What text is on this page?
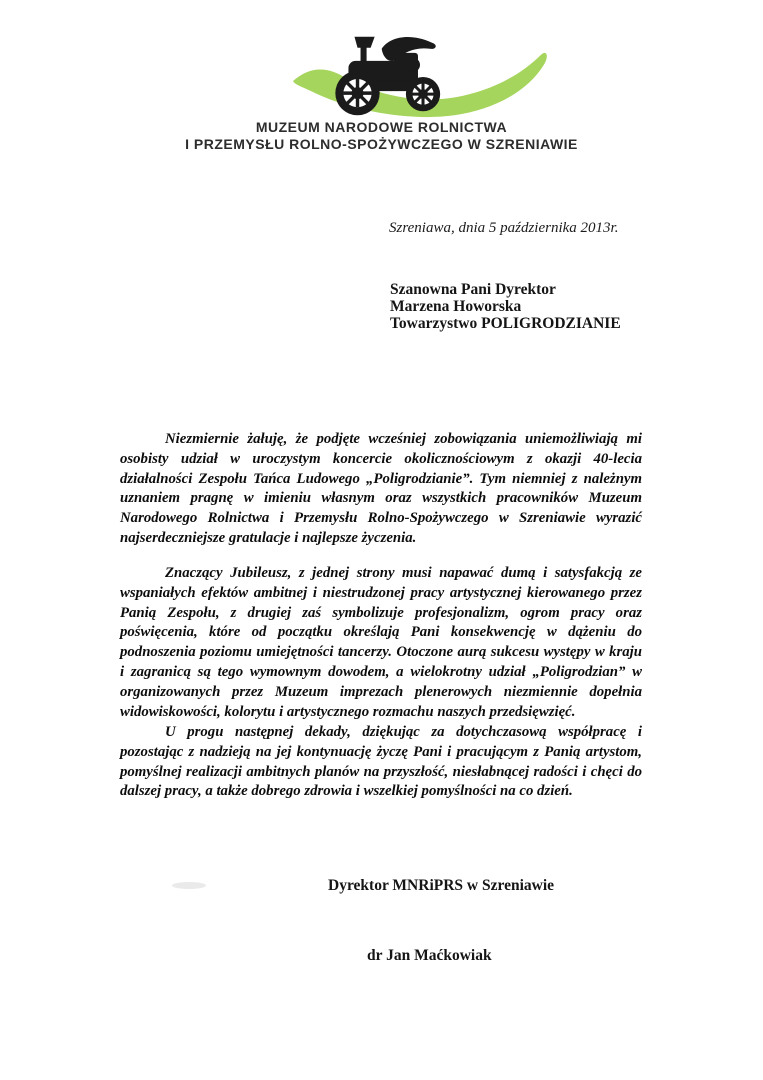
MUZEUM NARODOWE ROLNICTWA
I PRZEMYSŁU ROLNO-SPOŻYWCZEGO W SZRENIAWIE
Szreniawa, dnia 5 października 2013r.
Szanowna Pani Dyrektor
Marzena Howorska
Towarzystwo POLIGRODZIANIE

Niezmiernie żałuję, że podjęte wcześniej zobowiązania uniemożliwiają mi osobisty udział w uroczystym koncercie okolicznościowym z okazji 40-lecia działalności Zespołu Tańca Ludowego „Poligrodzianie”. Tym niemniej z należnym uznaniem pragnę w imieniu własnym oraz wszystkich pracowników Muzeum Narodowego Rolnictwa i Przemysłu Rolno-Spożywczego w Szreniawie wyrazić najserdeczniejsze gratulacje i najlepsze życzenia.

Znaczący Jubileusz, z jednej strony musi napawać dumą i satysfakcją ze wspaniałych efektów ambitnej i niestrudzonej pracy artystycznej kierowanego przez Panią Zespołu, z drugiej zaś symbolizuje profesjonalizm, ogrom pracy oraz poświęcenia, które od początku określają Pani konsekwencję w dążeniu do podnoszenia poziomu umiejętności tancerzy. Otoczone aurą sukcesu występy w kraju i zagranicą są tego wymownym dowodem, a wielokrotny udział „Poligrodzian” w organizowanych przez Muzeum imprezach plenerowych niezmiennie dopełnia widowiskowości, kolorytu i artystycznego rozmachu naszych przedsięwzięć.

U progu następnej dekady, dziękując za dotychczasową współpracę i pozostając z nadzieją na jej kontynuację życzę Pani i pracującym z Panią artystom, pomyślnej realizacji ambitnych planów na przyszłość, niesłabnącej radości i chęci do dalszej pracy, a także dobrego zdrowia i wszelkiej pomyślności na co dzień.

Dyrektor MNRiPRS w Szreniawie
dr Jan Maćkowiak
